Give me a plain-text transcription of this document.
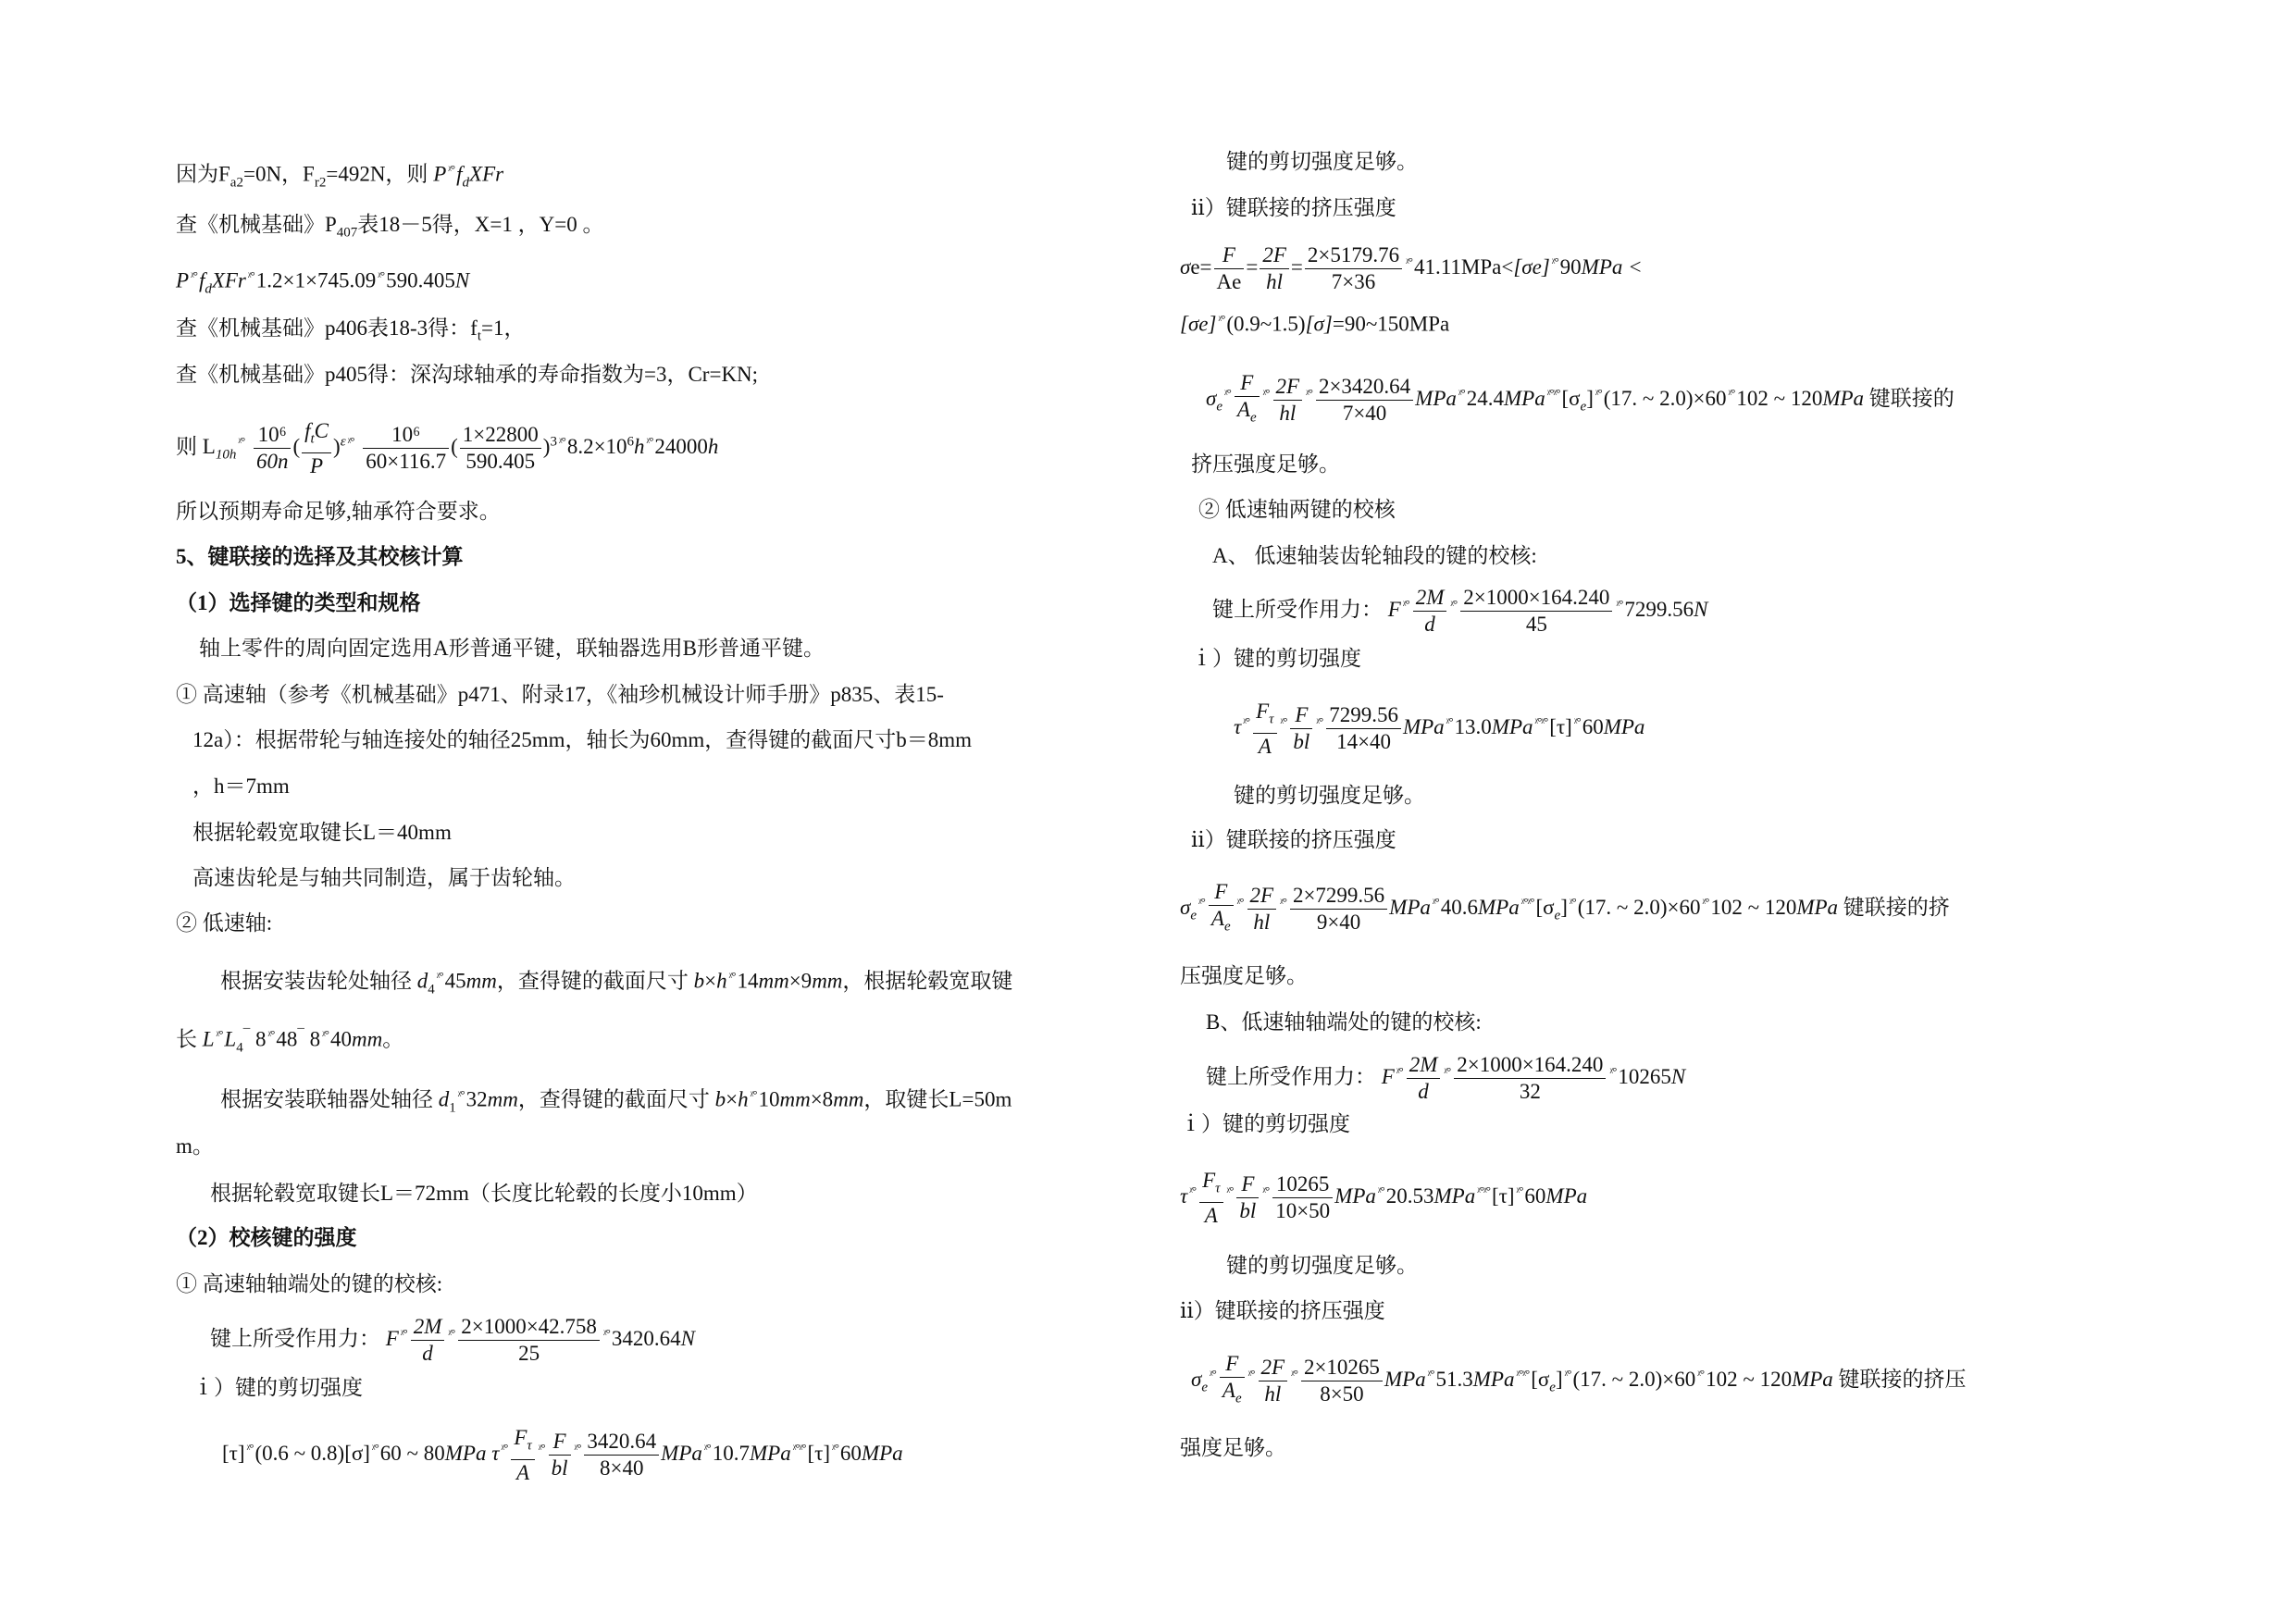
因为$F_{a2}=0N$，$F_{r2}=492N$，则 P $^{ᵡ^\circ}f_dXFr$
查《机械基础》$P_{407}$表18－5得，X=1 ，Y=0 。
P $^{ᵡ^\circ}f_dXFr$ $^{ᵡ^\circ}$1.2×1×745.09 $^{ᵡ^\circ}$590.405N
查《机械基础》p406表18-3得：$f_t=1$，
查《机械基础》p405得：深沟球轴承的寿命指数为=3，Cr=KN;
则 $L_{10h}^{ᵡ^\circ} \frac{\text{10⁶}}{60n}$ ( $\frac{f_tC}{P} )^\varepsilon$ $^{ᵡ^\circ} \frac{\text{10⁶}}{60\times 116.7}$ ( $\frac{1\times 22800}{590.405} )^3$ $^{ᵡ^\circ}8.2\times 10^6h$ $^{ᵡ^\circ}$24000h
所以预期寿命足够,轴承符合要求。
5、键联接的选择及其校核计算
（1）选择键的类型和规格
轴上零件的周向固定选用A形普通平键，联轴器选用B形普通平键。
① 高速轴（参考《机械基础》p471、附录17，《袖珍机械设计师手册》p835、表15-
12a）：根据带轮与轴连接处的轴径25mm，轴长为60mm，查得键的截面尺寸b＝8mm
，h＝7mm
根据轮毂宽取键长L＝40mm
高速齿轮是与轴共同制造，属于齿轮轴。
② 低速轴:
根据安装齿轮处轴径 $d_4^{ᵡ^\circ}45mm$，查得键的截面尺寸 b×h $^{ᵡ^\circ}$14mm×9mm，根据轮毂宽取键
长 L $^{ᵡ^\circ}L_4^¯$ 8 $^{ᵡ^\circ}$48¯ 8 $^{ᵡ^\circ}$40mm。
根据安装联轴器处轴径 $d_1^{ᵡ^\circ}32mm$，查得键的截面尺寸 b×h $^{ᵡ^\circ}$10mm×8mm，取键长L=50m
m。
根据轮毂宽取键长L＝72mm（长度比轮毂的长度小10mm）
（2）校核键的强度
① 高速轴轴端处的键的校核:
键上所受作用力： F $^{ᵡ^\circ} \frac{2M}{d} ^{ᵡ^\circ} \frac{2\times 1000\times 42.758}{25} ^{ᵡ^\circ}3420.64N$
ｉ）键的剪切强度
[τ] $^{ᵡ^\circ}$(0.6 ~ 0.8)[σ] $^{ᵡ^\circ}$60 ~ 80MPa τ $^{ᵡ^\circ} \frac{F_\tau}{A} ^{ᵡ^\circ} \frac{F}{bl} ^{ᵡ^\circ} \frac{3420.64}{8\times 40}$ MPa $^{ᵡ^\circ}$10.7MPa $^{ᵡ^\circ ᵡ^\circ}$[τ] $^{ᵡ^\circ}$60MPa
键的剪切强度足够。
ⅱ）键联接的挤压强度
$\sigma e= \frac{F}{Ae} = \frac{2F}{hl} = \frac{2\times 5179.76}{7\times 36} ^{ᵡ^\circ}41.11MPa<[\sigma e] ^{ᵡ^\circ}90MPa$ <
[σe] $^{ᵡ^\circ}$(0.9~1.5)[σ]=90~150MPa
$\sigma_e^{ᵡ^\circ} \frac{F}{A_e} ^{ᵡ^\circ} \frac{2F}{hl} ^{ᵡ^\circ} \frac{2\times 3420.64}{7\times 40}$ MPa $^{ᵡ^\circ}$24.4MPa $^{ᵡ^\circ ᵡ^\circ}[\sigma_e]$ $^{ᵡ^\circ}$(17. ~ 2.0)×60 $^{ᵡ^\circ}$102 ~ 120MPa 键联接的
挤压强度足够。
② 低速轴两键的校核
A、 低速轴装齿轮轴段的键的校核:
键上所受作用力： F $^{ᵡ^\circ} \frac{2M}{d} ^{ᵡ^\circ} \frac{2\times 1000\times 164.240}{45} ^{ᵡ^\circ}7299.56N$
ｉ）键的剪切强度
τ $^{ᵡ^\circ} \frac{F_\tau}{A} ^{ᵡ^\circ} \frac{F}{bl} ^{ᵡ^\circ} \frac{7299.56}{14\times 40}$ MPa $^{ᵡ^\circ}$13.0MPa $^{ᵡ^\circ ᵡ^\circ}$[τ] $^{ᵡ^\circ}$60MPa
键的剪切强度足够。
ⅱ）键联接的挤压强度
$\sigma_e^{ᵡ^\circ} \frac{F}{A_e} ^{ᵡ^\circ} \frac{2F}{hl} ^{ᵡ^\circ} \frac{2\times 7299.56}{9\times 40}$ MPa $^{ᵡ^\circ}$40.6MPa $^{ᵡ^\circ ᵡ^\circ}[\sigma_e]$ $^{ᵡ^\circ}$(17. ~ 2.0)×60 $^{ᵡ^\circ}$102 ~ 120MPa 键联接的挤
压强度足够。
B、低速轴轴端处的键的校核:
键上所受作用力： F $^{ᵡ^\circ} \frac{2M}{d} ^{ᵡ^\circ} \frac{2\times 1000\times 164.240}{32} ^{ᵡ^\circ}10265N$
ｉ）键的剪切强度
τ $^{ᵡ^\circ} \frac{F_\tau}{A} ^{ᵡ^\circ} \frac{F}{bl} ^{ᵡ^\circ} \frac{10265}{10\times 50}$ MPa $^{ᵡ^\circ}$20.53MPa $^{ᵡ^\circ ᵡ^\circ}$[τ] $^{ᵡ^\circ}$60MPa
键的剪切强度足够。
ⅱ）键联接的挤压强度
$\sigma_e^{ᵡ^\circ} \frac{F}{A_e} ^{ᵡ^\circ} \frac{2F}{hl} ^{ᵡ^\circ} \frac{2\times 10265}{8\times 50}$ MPa $^{ᵡ^\circ}$51.3MPa $^{ᵡ^\circ ᵡ^\circ}[\sigma_e]$ $^{ᵡ^\circ}$(17. ~ 2.0)×60 $^{ᵡ^\circ}$102 ~ 120MPa 键联接的挤压
强度足够。
